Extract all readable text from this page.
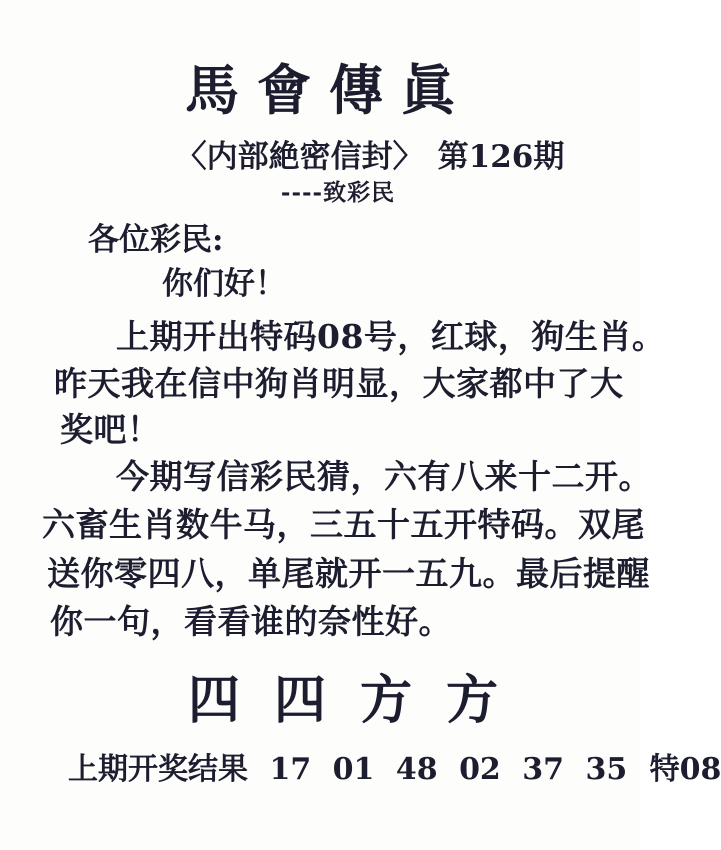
馬會傳眞
〈内部絶密信封〉 第126期
----致彩民
各位彩民:
你们好！
上期开出特码08号，红球，狗生肖。
昨天我在信中狗肖明显，大家都中了大
奖吧！
今期写信彩民猜，六有八来十二开。
六畜生肖数牛马，三五十五开特码。双尾
送你零四八，单尾就开一五九。最后提醒
你一句，看看谁的奈性好。
四四方方
上期开奖结果 17 01 48 02 37 35 特08
